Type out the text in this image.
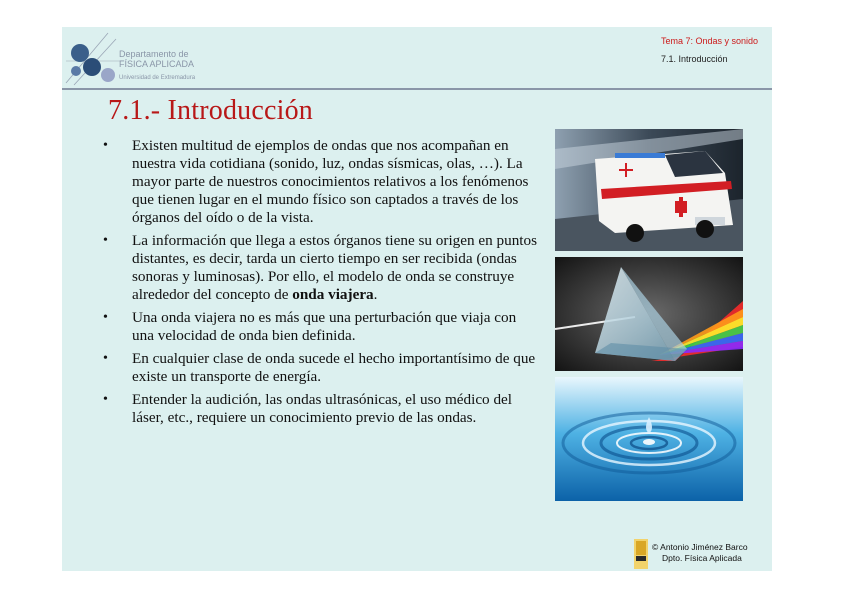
Departamento de
FÍSICA APLICADA
Universidad de Extremadura
Tema 7: Ondas y sonido
7.1. Introducción
7.1.- Introducción
• Existen multitud de ejemplos de ondas que nos acompañan en nuestra vida cotidiana (sonido, luz, ondas sísmicas, olas, …). La mayor parte de nuestros conocimientos relativos a los fenómenos que tienen lugar en el mundo físico son captados a través de los órganos del oído o de la vista.
• La información que llega a estos órganos tiene su origen en puntos distantes, es decir, tarda un cierto tiempo en ser recibida (ondas sonoras y luminosas). Por ello, el modelo de onda se construye alrededor del concepto de onda viajera.
• Una onda viajera no es más que una perturbación que viaja con una velocidad de onda bien definida.
• En cualquier clase de onda sucede el hecho importantísimo de que existe un transporte de energía.
• Entender la audición, las ondas ultrasónicas, el uso médico del láser, etc., requiere un conocimiento previo de las ondas.
© Antonio Jiménez Barco
Dpto. Física Aplicada
